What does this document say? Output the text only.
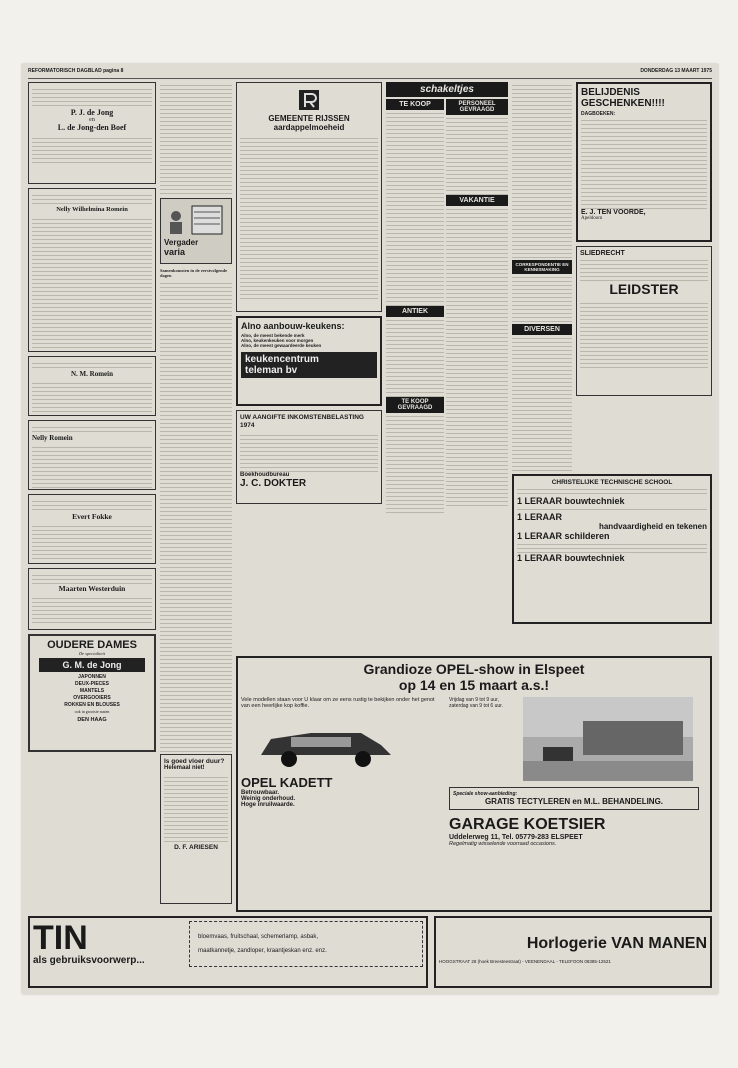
REFORMATORISCH DAGBLAD pagina 8	DONDERDAG 13 MAART 1975
P. J. de Jong
en
L. de Jong-den Boef
Nelly Wilhelmina Romein
N. M. Romein
Nelly Romein
Evert Fokke
Maarten Westerduin
OUDERE DAMES
De specialiteit
G. M. de Jong
JAPONNEN
DEUX-PIECES
MANTELS
OVERGOOIERS
ROKKEN EN BLOUSES
ook in grootste maten
DEN HAAG
Vergader
varia
Samenkomsten in de eerstvolgende dagen
GEMEENTE RIJSSEN
aardappelmoeheid
Alno aanbouw-keukens:
Alno, de meest bekende merk
Alno, keukenkeuken voor morgen
Alno, de meest gewaardeerde keuken
keukencentrum
teleman bv
UW AANGIFTE INKOMSTENBELASTING 1974
Boekhoudbureau
J. C. DOKTER
schakeltjes
TE KOOP
ANTIEK
TE KOOP GEVRAAGD
PERSONEEL GEVRAAGD
VAKANTIE
CORRESPONDENTIE EN KENNISMAKING
DIVERSEN
BELIJDENIS GESCHENKEN!!!!
DAGBOEKEN:
E. J. TEN VOORDE,
Apeldoorn
SLIEDRECHT
LEIDSTER
CHRISTELIJKE TECHNISCHE SCHOOL
1 LERAAR bouwtechniek
1 LERAAR
handvaardigheid en tekenen
1 LERAAR schilderen
1 LERAAR bouwtechniek
Is goed vloer duur?
Helemaal niet!
D. F. ARIESEN
Grandioze OPEL-show in Elspeet
op 14 en 15 maart a.s.!
Vele modellen staan voor U klaar om ze eens rustig te bekijken onder het genot van een heerlijke kop koffie.
OPEL KADETT
Betrouwbaar.
Weinig onderhoud.
Hoge inruilwaarde.
Vrijdag van 9 tot 9 uur, zaterdag van 9 tot 6 uur.
Speciale show-aanbieding:
GRATIS TECTYLEREN en M.L. BEHANDELING.
GARAGE KOETSIER
Uddelerweg 11, Tel. 05779-283 ELSPEET
Regelmatig wisselende voorraad occasions.
TIN
als gebruiksvoorwerp...
bloemvaas, fruitschaal, schemerlamp, asbak,
maatkannetje, zandloper, kraantjeskan enz. enz.	Horlogerie VAN MANEN
HOOGSTRAAT 28 (hoek Breesteestraat) - VEENENDAAL - TELEFOON 08385-12521
